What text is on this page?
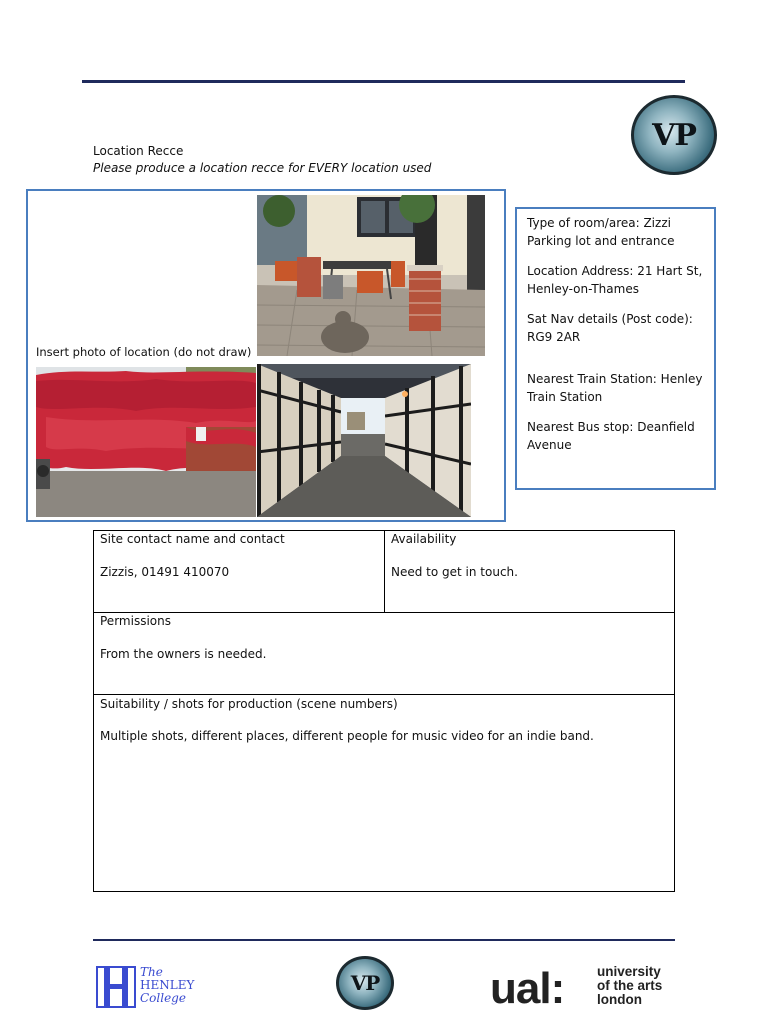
VP
Location Recce
Please produce a location recce for EVERY location used
Insert photo of location (do not draw)

Type of room/area: Zizzi Parking lot and entrance

Location Address: 21 Hart St, Henley-on-Thames

Sat Nav details (Post code): RG9 2AR

Nearest Train Station: Henley Train Station

Nearest Bus stop: Deanfield Avenue

Site contact name and contact
Zizzis, 01491 410070
Availability
Need to get in touch.
Permissions
From the owners is needed.
Suitability / shots for production (scene numbers)
Multiple shots, different places, different people for music video for an indie band.
The
HENLEY
College
VP	ual: university
of the arts
london
